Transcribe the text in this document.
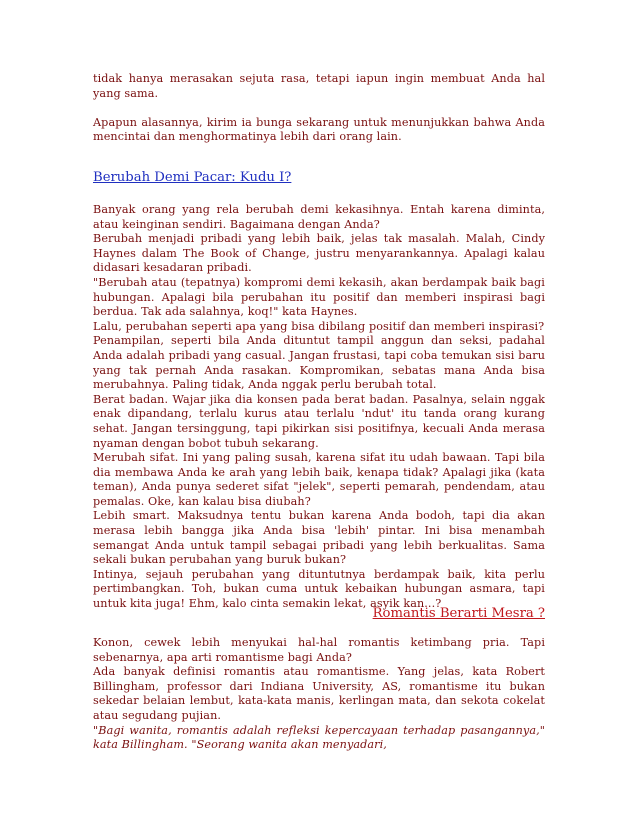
tidak hanya merasakan sejuta rasa, tetapi iapun ingin membuat Anda hal yang sama.

Apapun alasannya, kirim ia bunga sekarang untuk menunjukkan bahwa Anda mencintai dan menghormatinya lebih dari orang lain.

Berubah Demi Pacar: Kudu I?

Banyak orang yang rela berubah demi kekasihnya. Entah karena diminta, atau keinginan sendiri. Bagaimana dengan Anda?

Berubah menjadi pribadi yang lebih baik, jelas tak masalah. Malah, Cindy Haynes dalam The Book of Change, justru menyarankannya. Apalagi kalau didasari kesadaran pribadi.

"Berubah atau (tepatnya) kompromi demi kekasih, akan berdampak baik bagi hubungan. Apalagi bila perubahan itu positif dan memberi inspirasi bagi berdua. Tak ada salahnya, koq!" kata Haynes.

Lalu, perubahan seperti apa yang bisa dibilang positif dan memberi inspirasi?

Penampilan, seperti bila Anda dituntut tampil anggun dan seksi, padahal Anda adalah pribadi yang casual. Jangan frustasi, tapi coba temukan sisi baru yang tak pernah Anda rasakan. Kompromikan, sebatas mana Anda bisa merubahnya. Paling tidak, Anda nggak perlu berubah total.

Berat badan. Wajar jika dia konsen pada berat badan. Pasalnya, selain nggak enak dipandang, terlalu kurus atau terlalu 'ndut' itu tanda orang kurang sehat. Jangan tersinggung, tapi pikirkan sisi positifnya, kecuali Anda merasa nyaman dengan bobot tubuh sekarang.

Merubah sifat. Ini yang paling susah, karena sifat itu udah bawaan. Tapi bila dia membawa Anda ke arah yang lebih baik, kenapa tidak? Apalagi jika (kata teman), Anda punya sederet sifat "jelek", seperti pemarah, pendendam, atau pemalas. Oke, kan kalau bisa diubah?

Lebih smart. Maksudnya tentu bukan karena Anda bodoh, tapi dia akan merasa lebih bangga jika Anda bisa 'lebih' pintar. Ini bisa menambah semangat Anda untuk tampil sebagai pribadi yang lebih berkualitas. Sama sekali bukan perubahan yang buruk bukan?

Intinya, sejauh perubahan yang dituntutnya berdampak baik, kita perlu pertimbangkan. Toh, bukan cuma untuk kebaikan hubungan asmara, tapi untuk kita juga! Ehm, kalo cinta semakin lekat, asyik kan...?

Romantis Berarti Mesra ?

Konon, cewek lebih menyukai hal-hal romantis ketimbang pria. Tapi sebenarnya, apa arti romantisme bagi Anda?

Ada banyak definisi romantis atau romantisme. Yang jelas, kata Robert Billingham, professor dari Indiana University, AS, romantisme itu bukan sekedar belaian lembut, kata-kata manis, kerlingan mata, dan sekota cokelat atau segudang pujian.

"Bagi wanita, romantis adalah refleksi kepercayaan terhadap pasangannya," kata Billingham. "Seorang wanita akan menyadari,
